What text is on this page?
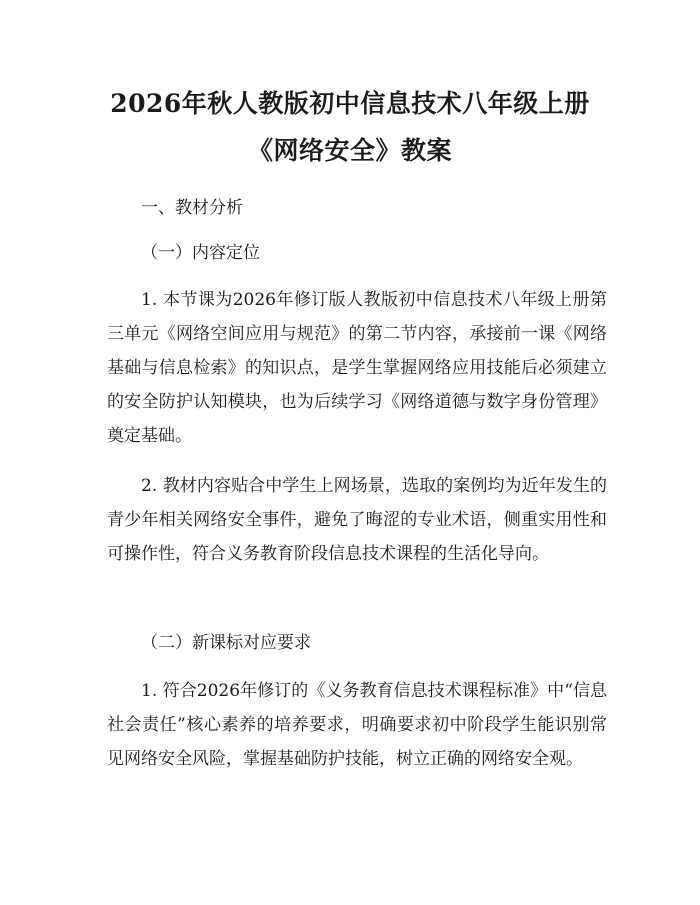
2026年秋人教版初中信息技术八年级上册
《网络安全》教案
一、教材分析
（一）内容定位
1. 本节课为2026年修订版人教版初中信息技术八年级上册第三单元《网络空间应用与规范》的第二节内容，承接前一课《网络基础与信息检索》的知识点，是学生掌握网络应用技能后必须建立的安全防护认知模块，也为后续学习《网络道德与数字身份管理》奠定基础。
2. 教材内容贴合中学生上网场景，选取的案例均为近年发生的青少年相关网络安全事件，避免了晦涩的专业术语，侧重实用性和可操作性，符合义务教育阶段信息技术课程的生活化导向。
（二）新课标对应要求
1. 符合2026年修订的《义务教育信息技术课程标准》中“信息社会责任”核心素养的培养要求，明确要求初中阶段学生能识别常见网络安全风险，掌握基础防护技能，树立正确的网络安全观。
